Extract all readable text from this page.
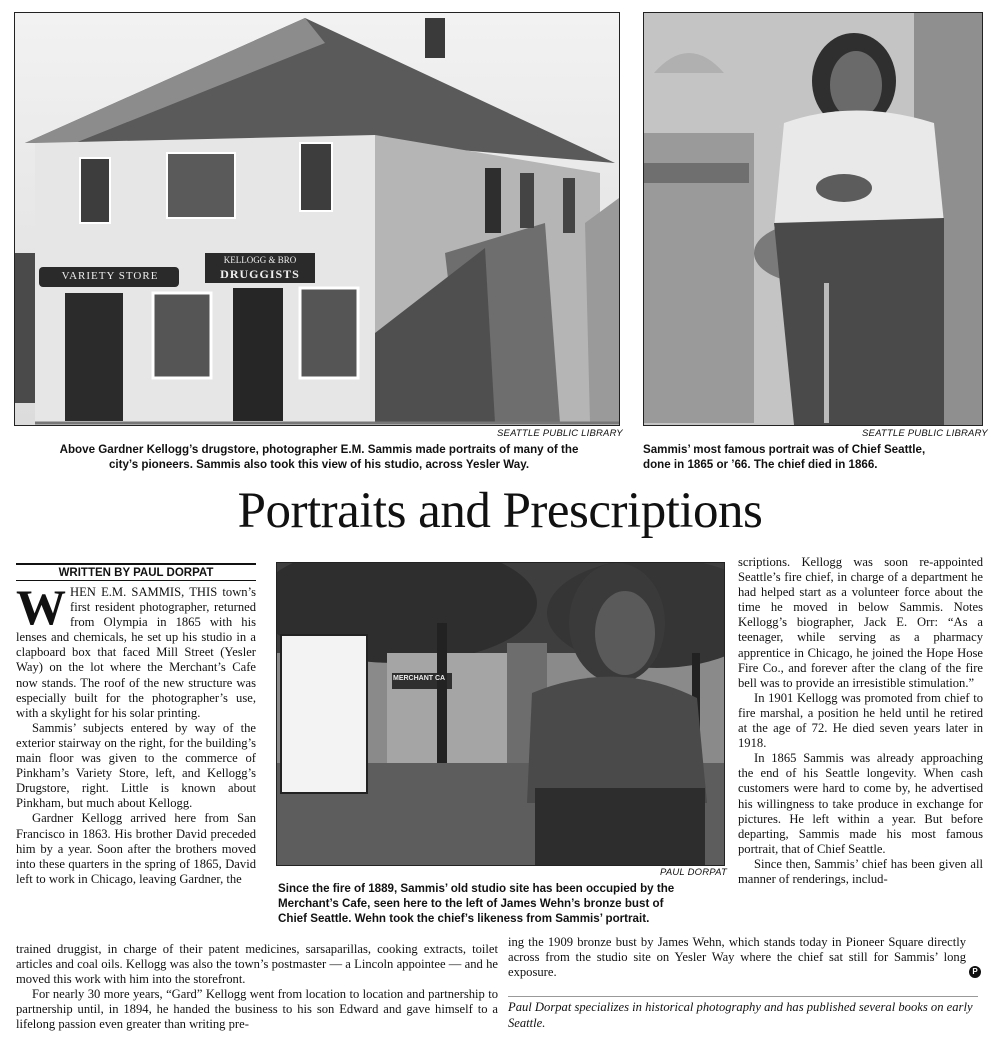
VARIETY STORE
KELLOGG & BRO
DRUGGISTS
SEATTLE PUBLIC LIBRARY
Above Gardner Kellogg’s drugstore, photographer E.M. Sammis made portraits of many of the
city’s pioneers. Sammis also took this view of his studio, across Yesler Way.
SEATTLE PUBLIC LIBRARY
Sammis’ most famous portrait was of Chief Seattle,
done in 1865 or ’66. The chief died in 1866.
Portraits and Prescriptions
WRITTEN BY PAUL DORPAT

WHEN E.M. SAMMIS, THIS town’s first resident photographer, returned from Olympia in 1865 with his lenses and chemicals, he set up his studio in a clapboard box that faced Mill Street (Yesler Way) on the lot where the Merchant’s Cafe now stands. The roof of the new structure was especially built for the photographer’s use, with a skylight for his solar printing.

Sammis’ subjects entered by way of the exterior stairway on the right, for the building’s main floor was given to the commerce of Pinkham’s Variety Store, left, and Kellogg’s Drugstore, right. Little is known about Pinkham, but much about Kellogg.

Gardner Kellogg arrived here from San Francisco in 1863. His brother David preceded him by a year. Soon after the brothers moved into these quarters in the spring of 1865, David left to work in Chicago, leaving Gardner, the

MERCHANT CA
PAUL DORPAT
Since the fire of 1889, Sammis’ old studio site has been occupied by the
Merchant’s Cafe, seen here to the left of James Wehn’s bronze bust of
Chief Seattle. Wehn took the chief’s likeness from Sammis’ portrait.

trained druggist, in charge of their patent medicines, sarsaparillas, cooking extracts, toilet articles and coal oils. Kellogg was also the town’s postmaster — a Lincoln appointee — and he moved this work with him into the storefront.

For nearly 30 more years, “Gard” Kellogg went from location to location and partnership to partnership until, in 1894, he handed the business to his son Edward and gave himself to a lifelong passion even greater than writing pre-

scriptions. Kellogg was soon re-appointed Seattle’s fire chief, in charge of a department he had helped start as a volunteer force about the time he moved in below Sammis. Notes Kellogg’s biographer, Jack E. Orr: “As a teenager, while serving as a pharmacy apprentice in Chicago, he joined the Hope Hose Fire Co., and forever after the clang of the fire bell was to provide an irresistible stimulation.”

In 1901 Kellogg was promoted from chief to fire marshal, a position he held until he retired at the age of 72. He died seven years later in 1918.

In 1865 Sammis was already approaching the end of his Seattle longevity. When cash customers were hard to come by, he advertised his willingness to take produce in exchange for pictures. He left within a year. But before departing, Sammis made his most famous portrait, that of Chief Seattle.

Since then, Sammis’ chief has been given all manner of renderings, includ-

ing the 1909 bronze bust by James Wehn, which stands today in Pioneer Square directly across from the studio site on Yesler Way where the chief sat still for Sammis’ long exposure.	P
Paul Dorpat specializes in historical photography and has published several books on early Seattle.
